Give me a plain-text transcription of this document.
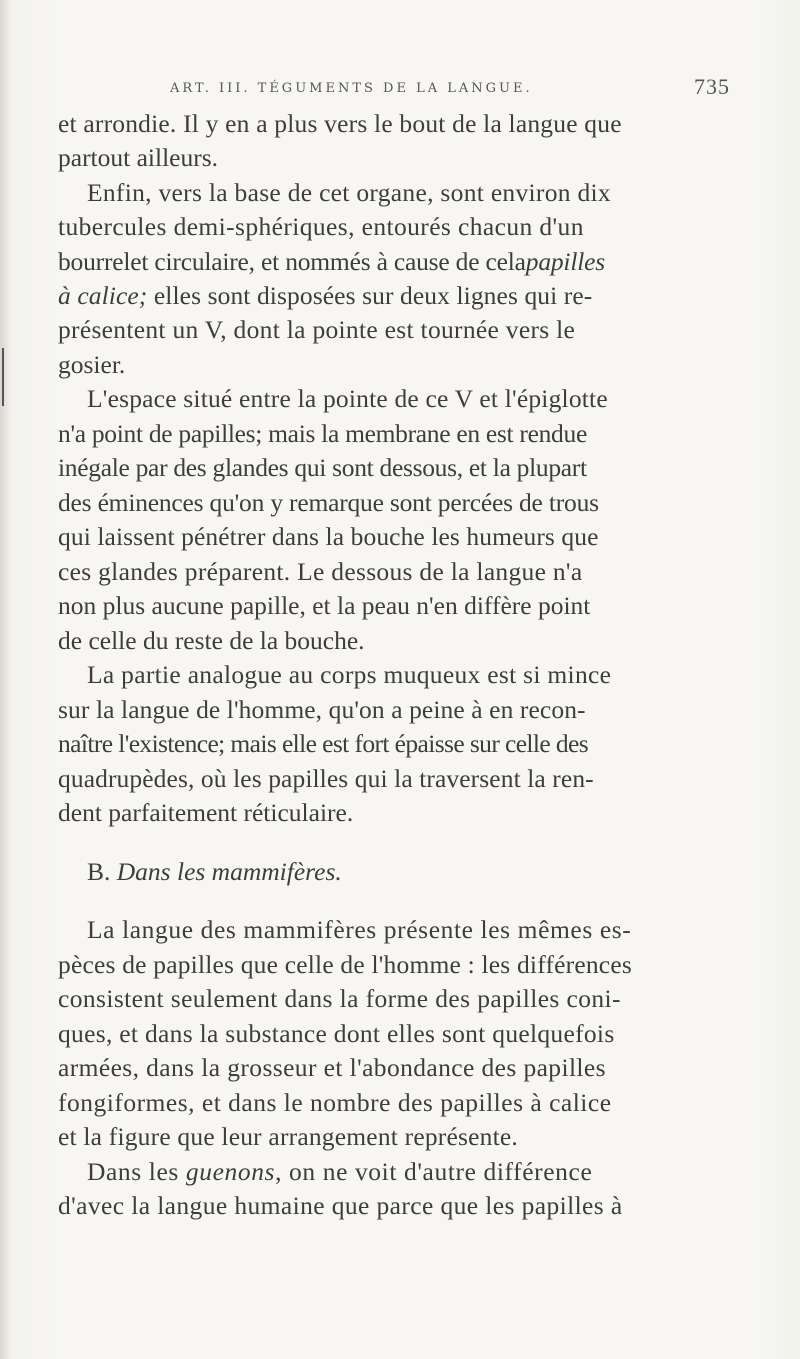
ART. III. TÉGUMENTS DE LA LANGUE.	735
et arrondie. Il y en a plus vers le bout de la langue que
partout ailleurs.
Enfin, vers la base de cet organe, sont environ dix
tubercules demi-sphériques, entourés chacun d'un
bourrelet circulaire, et nommés à cause de celapapilles
à calice; elles sont disposées sur deux lignes qui re-
présentent un V, dont la pointe est tournée vers le
gosier.
L'espace situé entre la pointe de ce V et l'épiglotte
n'a point de papilles; mais la membrane en est rendue
inégale par des glandes qui sont dessous, et la plupart
des éminences qu'on y remarque sont percées de trous
qui laissent pénétrer dans la bouche les humeurs que
ces glandes préparent. Le dessous de la langue n'a
non plus aucune papille, et la peau n'en diffère point
de celle du reste de la bouche.
La partie analogue au corps muqueux est si mince
sur la langue de l'homme, qu'on a peine à en recon-
naître l'existence; mais elle est fort épaisse sur celle des
quadrupèdes, où les papilles qui la traversent la ren-
dent parfaitement réticulaire.
B. Dans les mammifères.
La langue des mammifères présente les mêmes es-
pèces de papilles que celle de l'homme : les différences
consistent seulement dans la forme des papilles coni-
ques, et dans la substance dont elles sont quelquefois
armées, dans la grosseur et l'abondance des papilles
fongiformes, et dans le nombre des papilles à calice
et la figure que leur arrangement représente.
Dans les guenons, on ne voit d'autre différence
d'avec la langue humaine que parce que les papilles à
